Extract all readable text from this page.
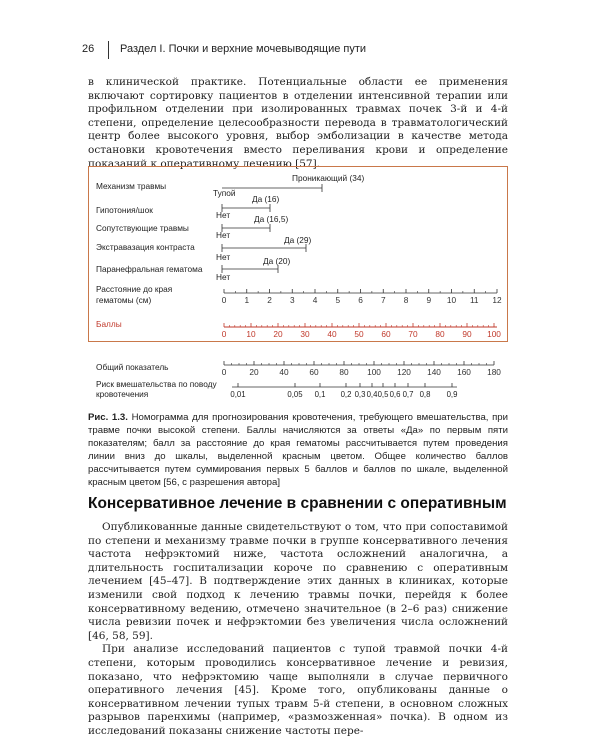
26 Раздел I. Почки и верхние мочевыводящие пути

в клинической практике. Потенциальные области ее применения включают сортировку пациентов в отделении интенсивной терапии или профильном отделении при изолированных травмах почек 3-й и 4-й степени, определение целесообразности перевода в травматологический центр более высокого уровня, выбор эмболизации в качестве метода остановки кровотечения вместо переливания крови и определение показаний к оперативному лечению [57].

Механизм травмы
Проникающий (34)
Тупой
Гипотония/шок
Да (16)
Нет
Сопутствующие травмы
Да (16,5)
Нет
Экстравазация контраста
Да (29)
Нет
Паранефральная гематома
Да (20)
Нет
Расстояние до края
гематомы (см)	0 1 2 3 4 5 6 7 8 9 10 11 12
Баллы
0 10 20 30 40 50 60 70 80 90 100
Общий показатель	0	20	40	60	80 100 120 140 160 180
Риск вмешательства по поводу
кровотечения	0,01	0,05 0,1 0,2 0,3 0,4 0,5 0,6 0,7 0,8 0,9
Рис. 1.3. Номограмма для прогнозирования кровотечения, требующего вмешательства, при травме почки высокой степени. Баллы начисляются за ответы «Да» по первым пяти показателям; балл за расстояние до края гематомы рассчитывается путем проведения линии вниз до шкалы, выделенной красным цветом. Общее количество баллов рассчитывается путем суммирования первых 5 баллов и баллов по шкале, выделенной красным цветом [56, с разрешения автора]
Консервативное лечение в сравнении с оперативным

Опубликованные данные свидетельствуют о том, что при сопоставимой по степени и механизму травме почки в группе консервативного лечения частота нефрэктомий ниже, частота осложнений аналогична, а длительность госпитализации короче по сравнению с оперативным лечением [45–47]. В подтверждение этих данных в клиниках, которые изменили свой подход к лечению травмы почки, перейдя к более консервативному ведению, отмечено значительное (в 2–6 раз) снижение числа ревизии почек и нефрэктомии без увеличения числа осложнений [46, 58, 59].

При анализе исследований пациентов с тупой травмой почки 4-й степени, которым проводились консервативное лечение и ревизия, показано, что нефрэктомию чаще выполняли в случае первичного оперативного лечения [45]. Кроме того, опубликованы данные о консервативном лечении тупых травм 5-й степени, в основном сложных разрывов паренхимы (например, «размозженная» почка). В одном из исследований показаны снижение частоты пере-
